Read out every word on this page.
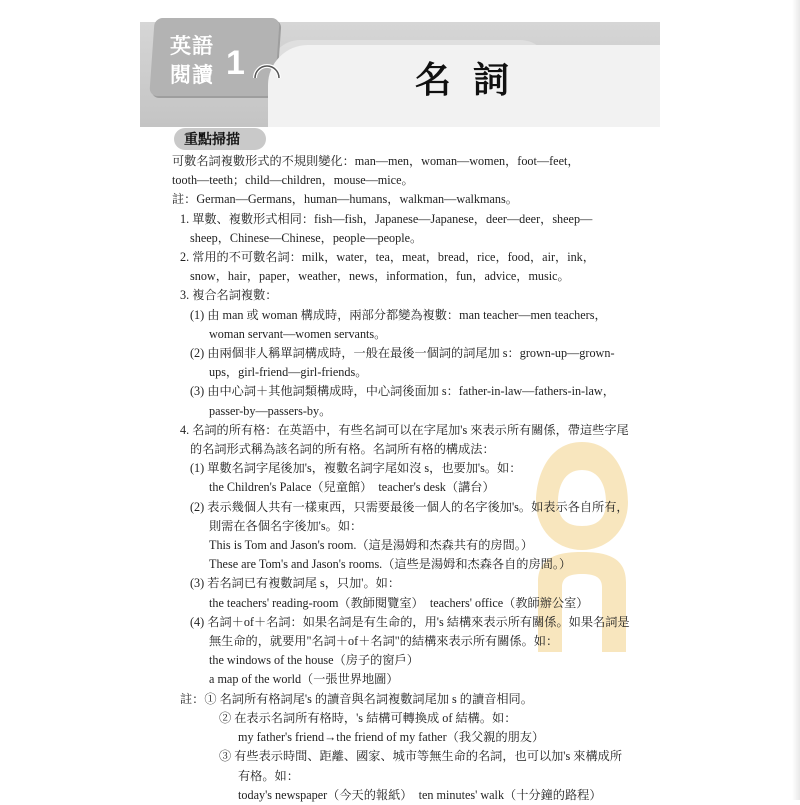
英語
閱讀 1	名詞
重點掃描
可數名詞複數形式的不規則變化：man—men，woman—women，foot—feet，
tooth—teeth；child—children，mouse—mice。
註：German—Germans，human—humans，walkman—walkmans。
1. 單數、複數形式相同：fish—fish，Japanese—Japanese，deer—deer，sheep—
sheep，Chinese—Chinese，people—people。
2. 常用的不可數名詞：milk，water，tea，meat，bread，rice，food，air，ink，
snow，hair，paper，weather，news，information，fun，advice，music。
3. 複合名詞複數：
(1) 由 man 或 woman 構成時，兩部分都變為複數：man teacher—men teachers，
woman servant—women servants。
(2) 由兩個非人稱單詞構成時，一般在最後一個詞的詞尾加 s：grown-up—grown-
ups，girl-friend—girl-friends。
(3) 由中心詞＋其他詞類構成時，中心詞後面加 s：father-in-law—fathers-in-law，
passer-by—passers-by。
4. 名詞的所有格：在英語中，有些名詞可以在字尾加's 來表示所有關係，帶這些字尾
的名詞形式稱為該名詞的所有格。名詞所有格的構成法：
(1) 單數名詞字尾後加's，複數名詞字尾如沒 s，也要加's。如：
the Children's Palace（兒童館）　teacher's desk（講台）
(2) 表示幾個人共有一樣東西，只需要最後一個人的名字後加's。如表示各自所有，
則需在各個名字後加's。如：
This is Tom and Jason's room.（這是湯姆和杰森共有的房間。）
These are Tom's and Jason's rooms.（這些是湯姆和杰森各自的房間。）
(3) 若名詞已有複數詞尾 s，只加'。如：
the teachers' reading-room（教師閱覽室）　teachers' office（教師辦公室）
(4) 名詞＋of＋名詞：如果名詞是有生命的，用's 結構來表示所有關係。如果名詞是
無生命的，就要用"名詞＋of＋名詞"的結構來表示所有關係。如：
the windows of the house（房子的窗戶）
a map of the world（一張世界地圖）
註：① 名詞所有格詞尾's 的讀音與名詞複數詞尾加 s 的讀音相同。
② 在表示名詞所有格時，'s 結構可轉換成 of 結構。如：
my father's friend→the friend of my father（我父親的朋友）
③ 有些表示時間、距離、國家、城市等無生命的名詞，也可以加's 來構成所
有格。如：
today's newspaper（今天的報紙）　ten minutes' walk（十分鐘的路程）
